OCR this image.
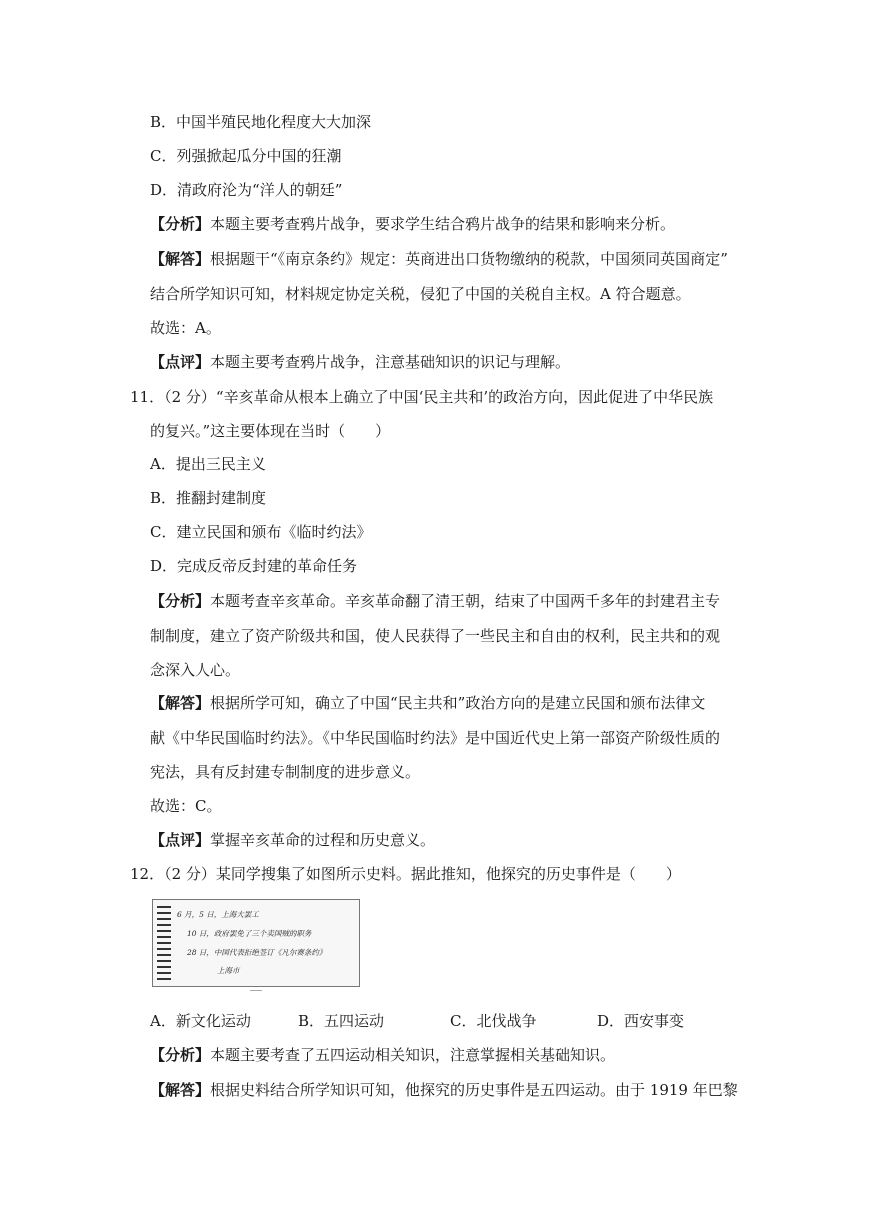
B．中国半殖民地化程度大大加深
C．列强掀起瓜分中国的狂潮
D．清政府沦为“洋人的朝廷”
【分析】本题主要考查鸦片战争，要求学生结合鸦片战争的结果和影响来分析。
【解答】根据题干“《南京条约》规定：英商进出口货物缴纳的税款，中国须同英国商定”
结合所学知识可知，材料规定协定关税，侵犯了中国的关税自主权。A 符合题意。
故选：A。
【点评】本题主要考查鸦片战争，注意基础知识的识记与理解。
11．（2 分）“辛亥革命从根本上确立了中国‘民主共和’的政治方向，因此促进了中华民族
的复兴。”这主要体现在当时（　　）
A．提出三民主义
B．推翻封建制度
C．建立民国和颁布《临时约法》
D．完成反帝反封建的革命任务
【分析】本题考查辛亥革命。辛亥革命翻了清王朝，结束了中国两千多年的封建君主专
制制度，建立了资产阶级共和国，使人民获得了一些民主和自由的权利，民主共和的观
念深入人心。
【解答】根据所学可知，确立了中国“民主共和”政治方向的是建立民国和颁布法律文
献《中华民国临时约法》。《中华民国临时约法》是中国近代史上第一部资产阶级性质的
宪法，具有反封建专制制度的进步意义。
故选：C。
【点评】掌握辛亥革命的过程和历史意义。
12．（2 分）某同学搜集了如图所示史料。据此推知，他探究的历史事件是（　　）
6 月，5 日，上海大罢工
10 日，政府罢免了三个卖国贼的职务
28 日，中国代表拒绝签订《凡尔赛条约》
上海市
A．新文化运动	B．五四运动	C．北伐战争	D．西安事变
【分析】本题主要考查了五四运动相关知识，注意掌握相关基础知识。
【解答】根据史料结合所学知识可知，他探究的历史事件是五四运动。由于 1919 年巴黎
